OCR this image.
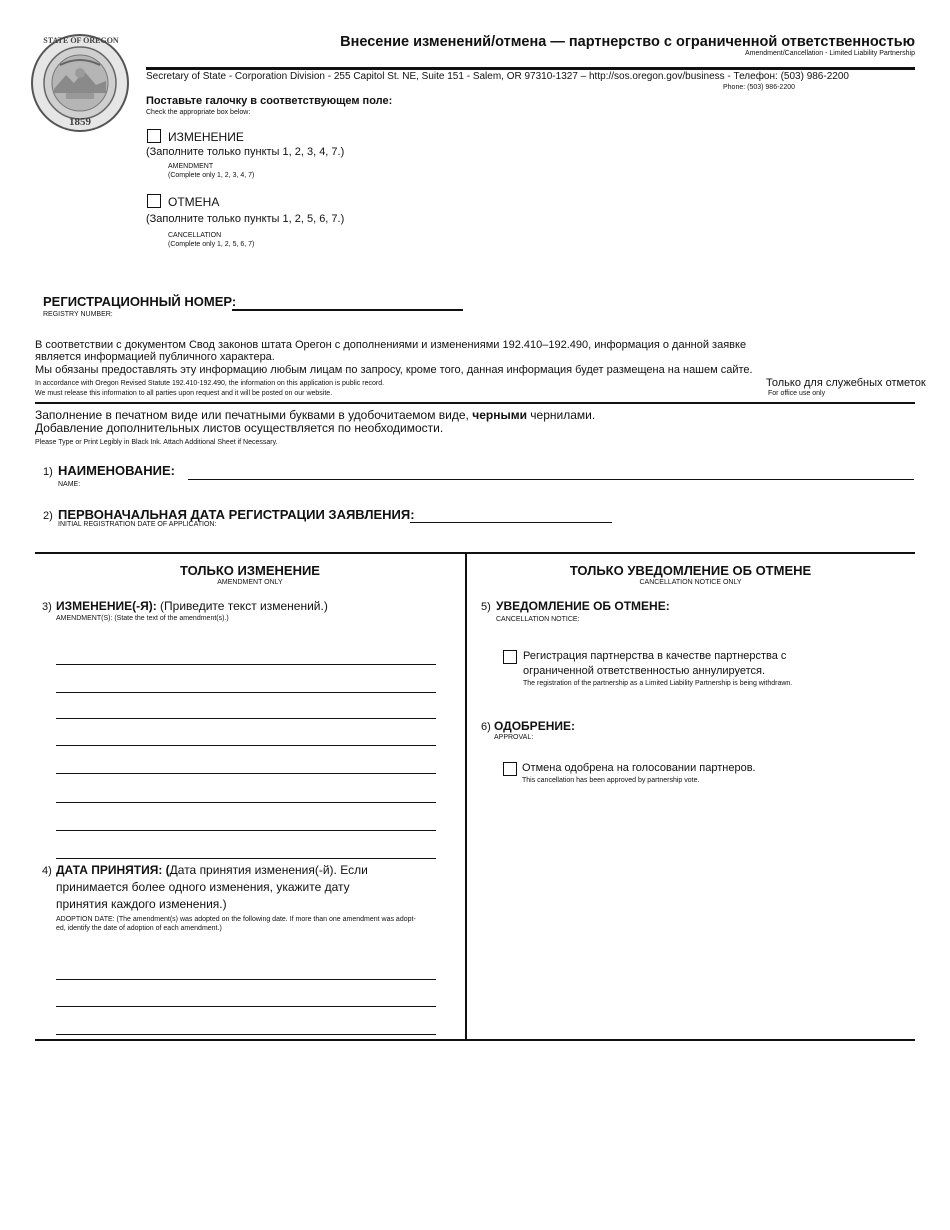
STATE OF OREGON
1859
Внесение изменений/отмена — партнерство с ограниченной ответственностью
Amendment/Cancellation - Limited Liability Partnership
Secretary of State - Corporation Division - 255 Capitol St. NE, Suite 151 - Salem, OR 97310-1327 – http://sos.oregon.gov/business - Телефон: (503) 986-2200
Phone: (503) 986-2200
Поставьте галочку в соответствующем поле:
Check the appropriate box below:
ИЗМЕНЕНИЕ
(Заполните только пункты 1, 2, 3, 4, 7.)
AMENDMENT
(Complete only 1, 2, 3, 4, 7)
ОТМЕНА
(Заполните только пункты 1, 2, 5, 6, 7.)
CANCELLATION
(Complete only 1, 2, 5, 6, 7)
РЕГИСТРАЦИОННЫЙ НОМЕР:
REGISTRY NUMBER:
В соответствии с документом Свод законов штата Орегон с дополнениями и изменениями 192.410–192.490, информация о данной заявке
является информацией публичного характера.
Мы обязаны предоставлять эту информацию любым лицам по запросу, кроме того, данная информация будет размещена на нашем сайте.
In accordance with Oregon Revised Statute 192.410-192.490, the information on this application is public record.
We must release this information to all parties upon request and it will be posted on our website.
Только для служебных отметок
For office use only
Заполнение в печатном виде или печатными буквами в удобочитаемом виде, черными чернилами.
Добавление дополнительных листов осуществляется по необходимости.
Please Type or Print Legibly in Black Ink. Attach Additional Sheet if Necessary.
1) НАИМЕНОВАНИЕ:
NAME:
2) ПЕРВОНАЧАЛЬНАЯ ДАТА РЕГИСТРАЦИИ ЗАЯВЛЕНИЯ:
INITIAL REGISTRATION DATE OF APPLICATION:
ТОЛЬКО ИЗМЕНЕНИЕ
AMENDMENT ONLY
3) ИЗМЕНЕНИЕ(-Я): (Приведите текст изменений.)
AMENDMENT(S): (State the text of the amendment(s).)
4) ДАТА ПРИНЯТИЯ: (Дата принятия изменения(-й). Если
принимается более одного изменения, укажите дату
принятия каждого изменения.)
ADOPTION DATE: (The amendment(s) was adopted on the following date. If more than one amendment was adopt-
ed, identify the date of adoption of each amendment.)
ТОЛЬКО УВЕДОМЛЕНИЕ ОБ ОТМЕНЕ
CANCELLATION NOTICE ONLY
5) УВЕДОМЛЕНИЕ ОБ ОТМЕНЕ:
CANCELLATION NOTICE:
Регистрация партнерства в качестве партнерства с
ограниченной ответственностью аннулируется.
The registration of the partnership as a Limited Liability Partnership is being withdrawn.
6) ОДОБРЕНИЕ:
APPROVAL:
Отмена одобрена на голосовании партнеров.
This cancellation has been approved by partnership vote.
